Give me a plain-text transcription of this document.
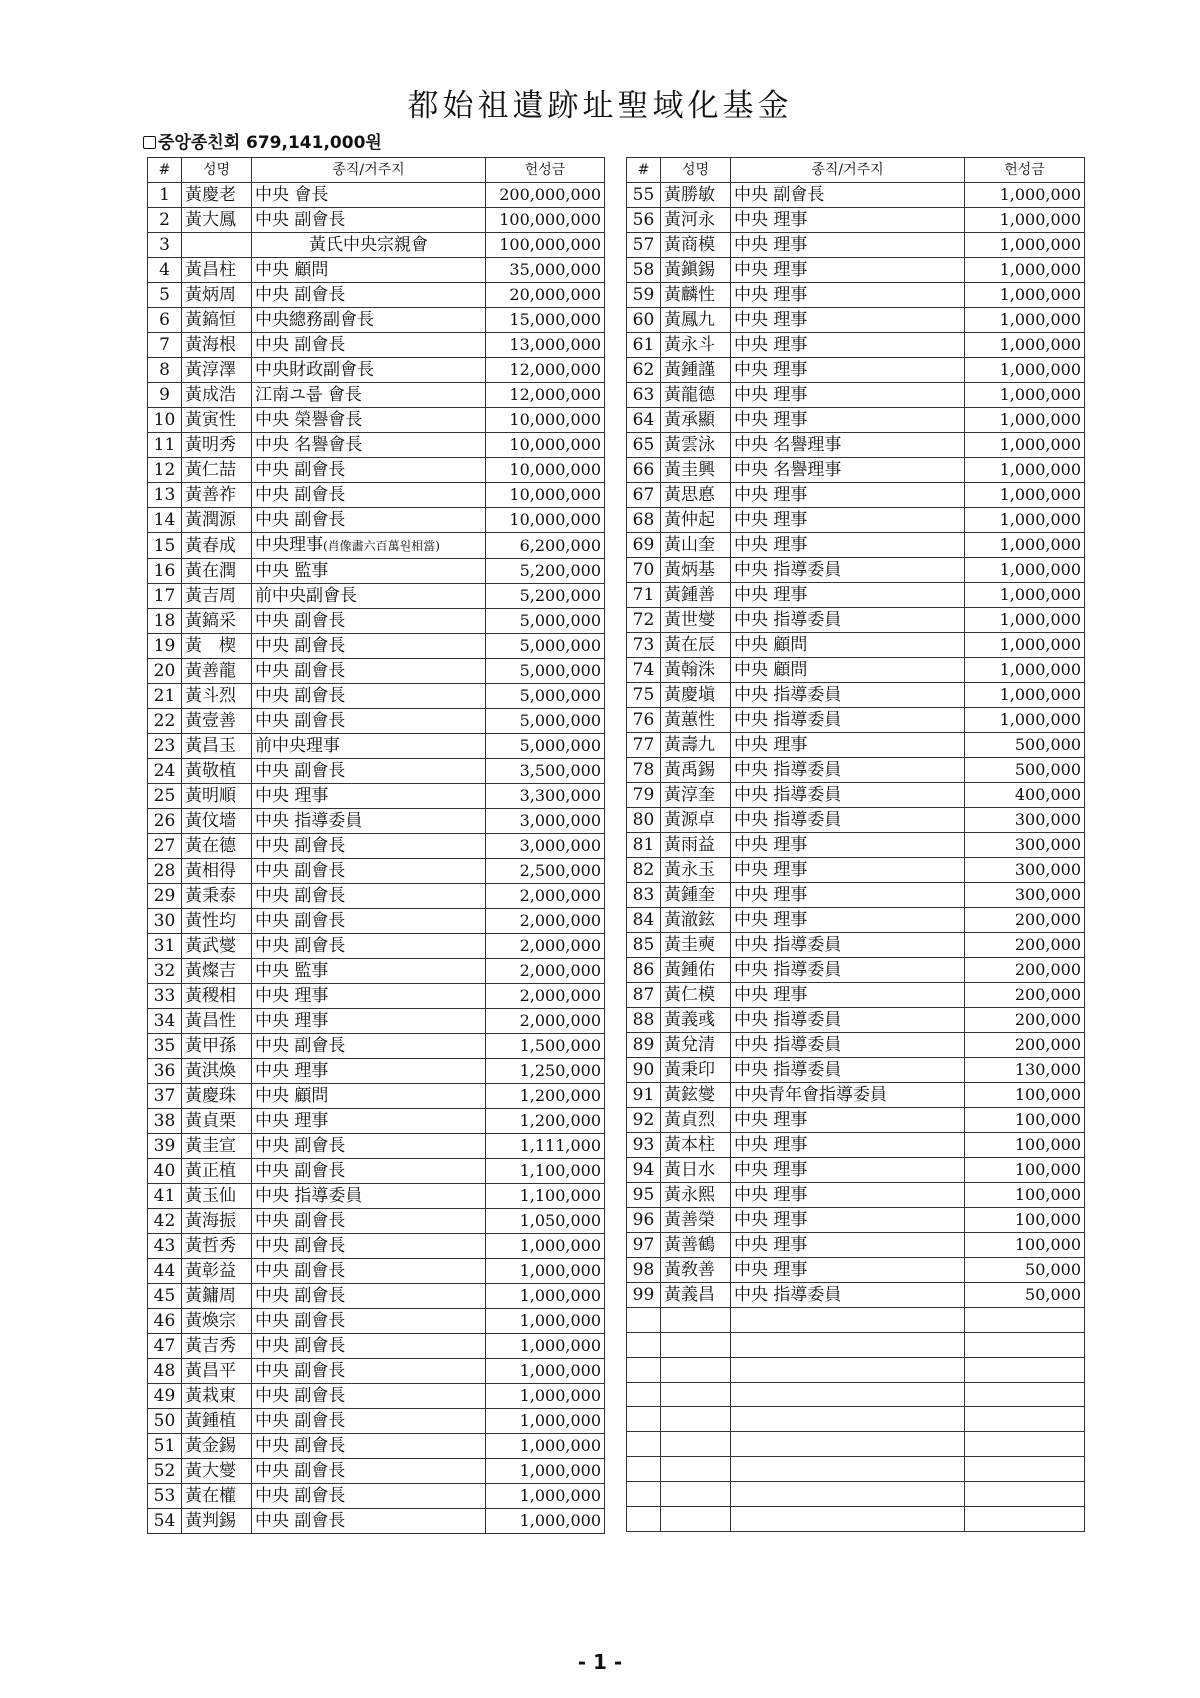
都始祖遺跡址聖域化基金
중앙종친회 679,141,000원
#	성명	종직/거주지	헌성금
1	黃慶老	中央 會長	200,000,000
2	黃大鳳	中央 副會長	100,000,000
3		黃氏中央宗親會	100,000,000
4	黃昌柱	中央 顧問	35,000,000
5	黃炳周	中央 副會長	20,000,000
6	黃鎬恒	中央總務副會長	15,000,000
7	黃海根	中央 副會長	13,000,000
8	黃淳澤	中央財政副會長	12,000,000
9	黃成浩	江南ユ룹 會長	12,000,000
10	黃寅性	中央 榮譽會長	10,000,000
11	黃明秀	中央 名譽會長	10,000,000
12	黃仁喆	中央 副會長	10,000,000
13	黃善祚	中央 副會長	10,000,000
14	黃潤源	中央 副會長	10,000,000
15	黃春成	中央理事(肖像畵六百萬원相當)	6,200,000
16	黃在潤	中央 監事	5,200,000
17	黃吉周	前中央副會長	5,200,000
18	黃鎬采	中央 副會長	5,000,000
19	黃　楔	中央 副會長	5,000,000
20	黃善龍	中央 副會長	5,000,000
21	黃斗烈	中央 副會長	5,000,000
22	黃壹善	中央 副會長	5,000,000
23	黃昌玉	前中央理事	5,000,000
24	黃敬植	中央 副會長	3,500,000
25	黃明順	中央 理事	3,300,000
26	黃伩墻	中央 指導委員	3,000,000
27	黃在德	中央 副會長	3,000,000
28	黃相得	中央 副會長	2,500,000
29	黃秉泰	中央 副會長	2,000,000
30	黃性均	中央 副會長	2,000,000
31	黃武燮	中央 副會長	2,000,000
32	黃燦吉	中央 監事	2,000,000
33	黃稷相	中央 理事	2,000,000
34	黃昌性	中央 理事	2,000,000
35	黃甲孫	中央 副會長	1,500,000
36	黃淇煥	中央 理事	1,250,000
37	黃慶珠	中央 顧問	1,200,000
38	黃貞栗	中央 理事	1,200,000
39	黃圭宣	中央 副會長	1,111,000
40	黃正植	中央 副會長	1,100,000
41	黃玉仙	中央 指導委員	1,100,000
42	黃海振	中央 副會長	1,050,000
43	黃哲秀	中央 副會長	1,000,000
44	黃彰益	中央 副會長	1,000,000
45	黃鏞周	中央 副會長	1,000,000
46	黃煥宗	中央 副會長	1,000,000
47	黃吉秀	中央 副會長	1,000,000
48	黃昌平	中央 副會長	1,000,000
49	黃栽東	中央 副會長	1,000,000
50	黃鍾植	中央 副會長	1,000,000
51	黃金錫	中央 副會長	1,000,000
52	黃大燮	中央 副會長	1,000,000
53	黃在權	中央 副會長	1,000,000
54	黃判錫	中央 副會長	1,000,000
#	성명	종직/거주지	헌성금
55	黃勝敏	中央 副會長	1,000,000
56	黃河永	中央 理事	1,000,000
57	黃商模	中央 理事	1,000,000
58	黃鎭錫	中央 理事	1,000,000
59	黃麟性	中央 理事	1,000,000
60	黃鳳九	中央 理事	1,000,000
61	黃永斗	中央 理事	1,000,000
62	黃鍾謹	中央 理事	1,000,000
63	黃龍德	中央 理事	1,000,000
64	黃承顯	中央 理事	1,000,000
65	黃雲泳	中央 名譽理事	1,000,000
66	黃圭興	中央 名譽理事	1,000,000
67	黃思悳	中央 理事	1,000,000
68	黃仲起	中央 理事	1,000,000
69	黃山奎	中央 理事	1,000,000
70	黃炳基	中央 指導委員	1,000,000
71	黃鍾善	中央 理事	1,000,000
72	黃世燮	中央 指導委員	1,000,000
73	黃在辰	中央 顧問	1,000,000
74	黃翰洙	中央 顧問	1,000,000
75	黃慶塡	中央 指導委員	1,000,000
76	黃蕙性	中央 指導委員	1,000,000
77	黃壽九	中央 理事	500,000
78	黃禹錫	中央 指導委員	500,000
79	黃淳奎	中央 指導委員	400,000
80	黃源卓	中央 指導委員	300,000
81	黃雨益	中央 理事	300,000
82	黃永玉	中央 理事	300,000
83	黃鍾奎	中央 理事	300,000
84	黃澈鉉	中央 理事	200,000
85	黃圭奭	中央 指導委員	200,000
86	黃鍾佑	中央 指導委員	200,000
87	黃仁模	中央 理事	200,000
88	黃義彧	中央 指導委員	200,000
89	黃兌清	中央 指導委員	200,000
90	黃秉印	中央 指導委員	130,000
91	黃鉉燮	中央青年會指導委員	100,000
92	黃貞烈	中央 理事	100,000
93	黃本柱	中央 理事	100,000
94	黃日水	中央 理事	100,000
95	黃永熙	中央 理事	100,000
96	黃善榮	中央 理事	100,000
97	黃善鶴	中央 理事	100,000
98	黃敎善	中央 理事	50,000
99	黃義昌	中央 指導委員	50,000

- 1 -
